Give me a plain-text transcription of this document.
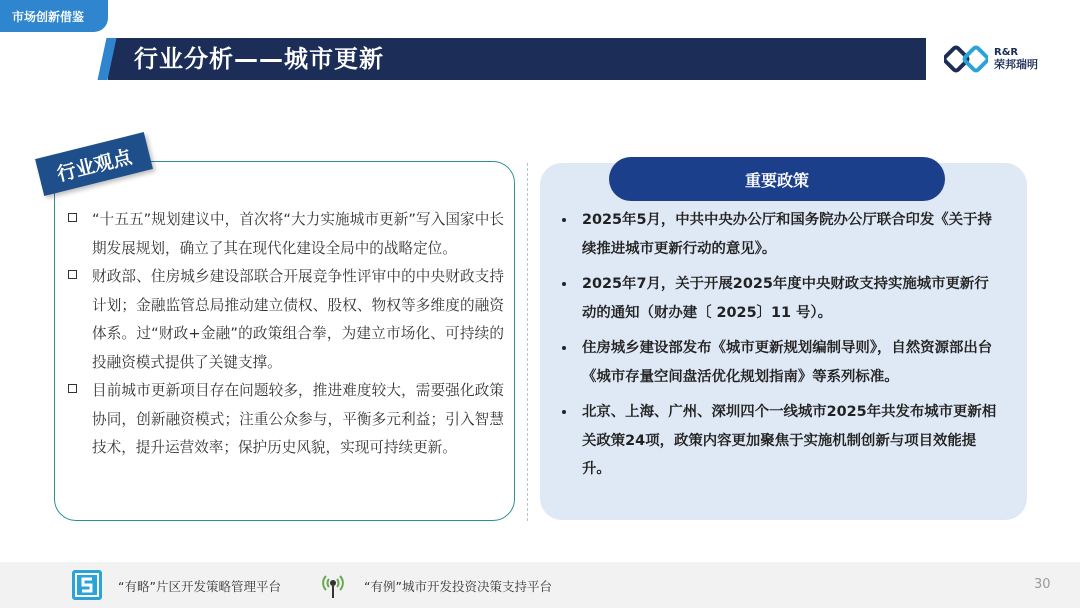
市场创新借鉴
行业分析——城市更新	R&R
荣邦瑞明
行业观点
“十五五”规划建议中，首次将“大力实施城市更新”写入国家中长期发展规划，确立了其在现代化建设全局中的战略定位。
财政部、住房城乡建设部联合开展竞争性评审中的中央财政支持计划；金融监管总局推动建立债权、股权、物权等多维度的融资体系。过“财政+金融”的政策组合拳，为建立市场化、可持续的投融资模式提供了关键支撑。
目前城市更新项目存在问题较多，推进难度较大，需要强化政策协同，创新融资模式；注重公众参与，平衡多元利益；引入智慧技术，提升运营效率；保护历史风貌，实现可持续更新。
重要政策
2025年5月，中共中央办公厅和国务院办公厅联合印发《关于持续推进城市更新行动的意见》。
2025年7月，关于开展2025年度中央财政支持实施城市更新行动的通知（财办建〔 2025〕11 号）。
住房城乡建设部发布《城市更新规划编制导则》，自然资源部出台《城市存量空间盘活优化规划指南》等系列标准。
北京、上海、广州、深圳四个一线城市2025年共发布城市更新相关政策24项，政策内容更加聚焦于实施机制创新与项目效能提升。
“有略”片区开发策略管理平台	“有例”城市开发投资决策支持平台	30
